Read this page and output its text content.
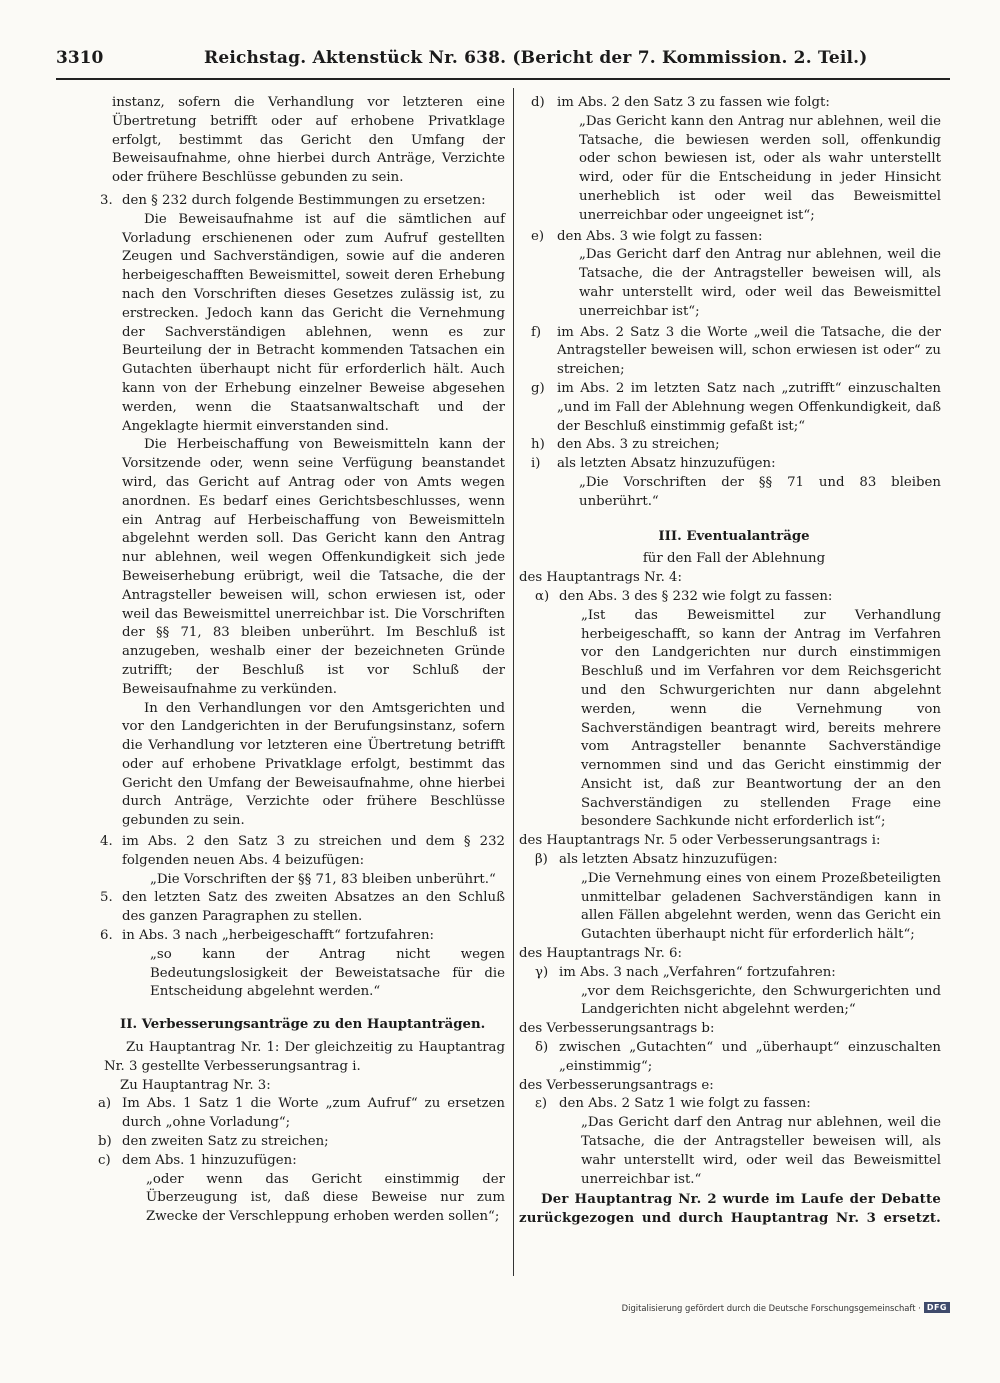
3310	Reichstag. Aktenstück Nr. 638. (Bericht der 7. Kommission. 2. Teil.)

instanz, sofern die Verhandlung vor letzteren eine Übertretung betrifft oder auf erhobene Privatklage erfolgt, bestimmt das Gericht den Umfang der Beweisaufnahme, ohne hierbei durch Anträge, Verzichte oder frühere Beschlüsse gebunden zu sein.

3. den § 232 durch folgende Bestimmungen zu ersetzen:

Die Beweisaufnahme ist auf die sämtlichen auf Vorladung erschienenen oder zum Aufruf gestellten Zeugen und Sachverständigen, sowie auf die anderen herbeigeschafften Beweismittel, soweit deren Erhebung nach den Vorschriften dieses Gesetzes zulässig ist, zu erstrecken. Jedoch kann das Gericht die Vernehmung der Sachverständigen ablehnen, wenn es zur Beurteilung der in Betracht kommenden Tatsachen ein Gutachten überhaupt nicht für erforderlich hält. Auch kann von der Erhebung einzelner Beweise abgesehen werden, wenn die Staatsanwaltschaft und der Angeklagte hiermit einverstanden sind.

Die Herbeischaffung von Beweismitteln kann der Vorsitzende oder, wenn seine Verfügung beanstandet wird, das Gericht auf Antrag oder von Amts wegen anordnen. Es bedarf eines Gerichtsbeschlusses, wenn ein Antrag auf Herbeischaffung von Beweismitteln abgelehnt werden soll. Das Gericht kann den Antrag nur ablehnen, weil wegen Offenkundigkeit sich jede Beweiserhebung erübrigt, weil die Tatsache, die der Antragsteller beweisen will, schon erwiesen ist, oder weil das Beweismittel unerreichbar ist. Die Vorschriften der §§ 71, 83 bleiben unberührt. Im Beschluß ist anzugeben, weshalb einer der bezeichneten Gründe zutrifft; der Beschluß ist vor Schluß der Beweisaufnahme zu verkünden.

In den Verhandlungen vor den Amtsgerichten und vor den Landgerichten in der Berufungsinstanz, sofern die Verhandlung vor letzteren eine Übertretung betrifft oder auf erhobene Privatklage erfolgt, bestimmt das Gericht den Umfang der Beweisaufnahme, ohne hierbei durch Anträge, Verzichte oder frühere Beschlüsse gebunden zu sein.

4. im Abs. 2 den Satz 3 zu streichen und dem § 232 folgenden neuen Abs. 4 beizufügen:

„Die Vorschriften der §§ 71, 83 bleiben unberührt.“

5. den letzten Satz des zweiten Absatzes an den Schluß des ganzen Paragraphen zu stellen.

6. in Abs. 3 nach „herbeigeschafft“ fortzufahren:

„so kann der Antrag nicht wegen Bedeutungslosigkeit der Beweistatsache für die Entscheidung abgelehnt werden.“

II. Verbesserungsanträge zu den Hauptanträgen.

Zu Hauptantrag Nr. 1: Der gleichzeitig zu Hauptantrag Nr. 3 gestellte Verbesserungsantrag i.

Zu Hauptantrag Nr. 3:

a) Im Abs. 1 Satz 1 die Worte „zum Aufruf“ zu ersetzen durch „ohne Vorladung“;

b) den zweiten Satz zu streichen;

c) dem Abs. 1 hinzuzufügen:

„oder wenn das Gericht einstimmig der Überzeugung ist, daß diese Beweise nur zum Zwecke der Verschleppung erhoben werden sollen“;

d) im Abs. 2 den Satz 3 zu fassen wie folgt:

„Das Gericht kann den Antrag nur ablehnen, weil die Tatsache, die bewiesen werden soll, offenkundig oder schon bewiesen ist, oder als wahr unterstellt wird, oder für die Entscheidung in jeder Hinsicht unerheblich ist oder weil das Beweismittel unerreichbar oder ungeeignet ist“;

e) den Abs. 3 wie folgt zu fassen:

„Das Gericht darf den Antrag nur ablehnen, weil die Tatsache, die der Antragsteller beweisen will, als wahr unterstellt wird, oder weil das Beweismittel unerreichbar ist“;

f) im Abs. 2 Satz 3 die Worte „weil die Tatsache, die der Antragsteller beweisen will, schon erwiesen ist oder“ zu streichen;

g) im Abs. 2 im letzten Satz nach „zutrifft“ einzuschalten „und im Fall der Ablehnung wegen Offenkundigkeit, daß der Beschluß einstimmig gefaßt ist;“

h) den Abs. 3 zu streichen;

i) als letzten Absatz hinzuzufügen:

„Die Vorschriften der §§ 71 und 83 bleiben unberührt.“

III. Eventualanträge

für den Fall der Ablehnung

des Hauptantrags Nr. 4:

α) den Abs. 3 des § 232 wie folgt zu fassen:

„Ist das Beweismittel zur Verhandlung herbeigeschafft, so kann der Antrag im Verfahren vor den Landgerichten nur durch einstimmigen Beschluß und im Verfahren vor dem Reichsgericht und den Schwurgerichten nur dann abgelehnt werden, wenn die Vernehmung von Sachverständigen beantragt wird, bereits mehrere vom Antragsteller benannte Sachverständige vernommen sind und das Gericht einstimmig der Ansicht ist, daß zur Beantwortung der an den Sachverständigen zu stellenden Frage eine besondere Sachkunde nicht erforderlich ist“;

des Hauptantrags Nr. 5 oder Verbesserungsantrags i:

β) als letzten Absatz hinzuzufügen:

„Die Vernehmung eines von einem Prozeßbeteiligten unmittelbar geladenen Sachverständigen kann in allen Fällen abgelehnt werden, wenn das Gericht ein Gutachten überhaupt nicht für erforderlich hält“;

des Hauptantrags Nr. 6:

γ) im Abs. 3 nach „Verfahren“ fortzufahren:

„vor dem Reichsgerichte, den Schwurgerichten und Landgerichten nicht abgelehnt werden;“

des Verbesserungsantrags b:

δ) zwischen „Gutachten“ und „überhaupt“ einzuschalten „einstimmig“;

des Verbesserungsantrags e:

ε) den Abs. 2 Satz 1 wie folgt zu fassen:

„Das Gericht darf den Antrag nur ablehnen, weil die Tatsache, die der Antragsteller beweisen will, als wahr unterstellt wird, oder weil das Beweismittel unerreichbar ist.“

Der Hauptantrag Nr. 2 wurde im Laufe der Debatte zurückgezogen und durch Hauptantrag Nr. 3 ersetzt.

Digitalisierung gefördert durch die Deutsche Forschungsgemeinschaft · DFG
